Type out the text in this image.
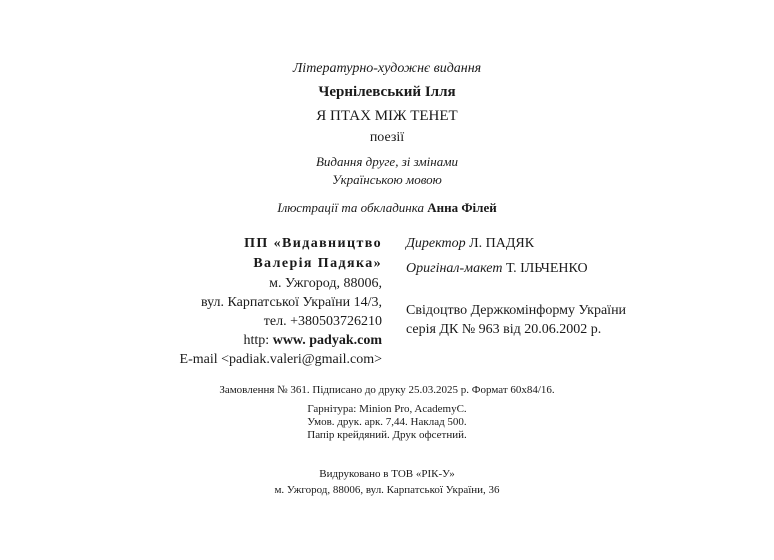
Літературно-художнє видання
Чернілевський Ілля
Я ПТАХ МІЖ ТЕНЕТ
поезії
Видання друге, зі змінами
Українською мовою
Ілюстрації та обкладинка Анна Філей
ПП «Видавництво
Валерія Падяка»
м. Ужгород, 88006,
вул. Карпатської України 14/3,
тел. +380503726210
http: www. padyak.com
E-mail <padiak.valeri@gmail.com>
Директор Л. ПАДЯК
Оригінал-макет Т. ІЛЬЧЕНКО
Свідоцтво Держкомінформу України
серія ДК № 963 від 20.06.2002 р.
Замовлення № 361. Підписано до друку 25.03.2025 р. Формат 60х84/16.
Гарнітура: Minion Pro, AcademyC.
Умов. друк. арк. 7,44. Наклад 500.
Папір крейдяний. Друк офсетний.
Видруковано в ТОВ «РІК-У»
м. Ужгород, 88006, вул. Карпатської України, 36
